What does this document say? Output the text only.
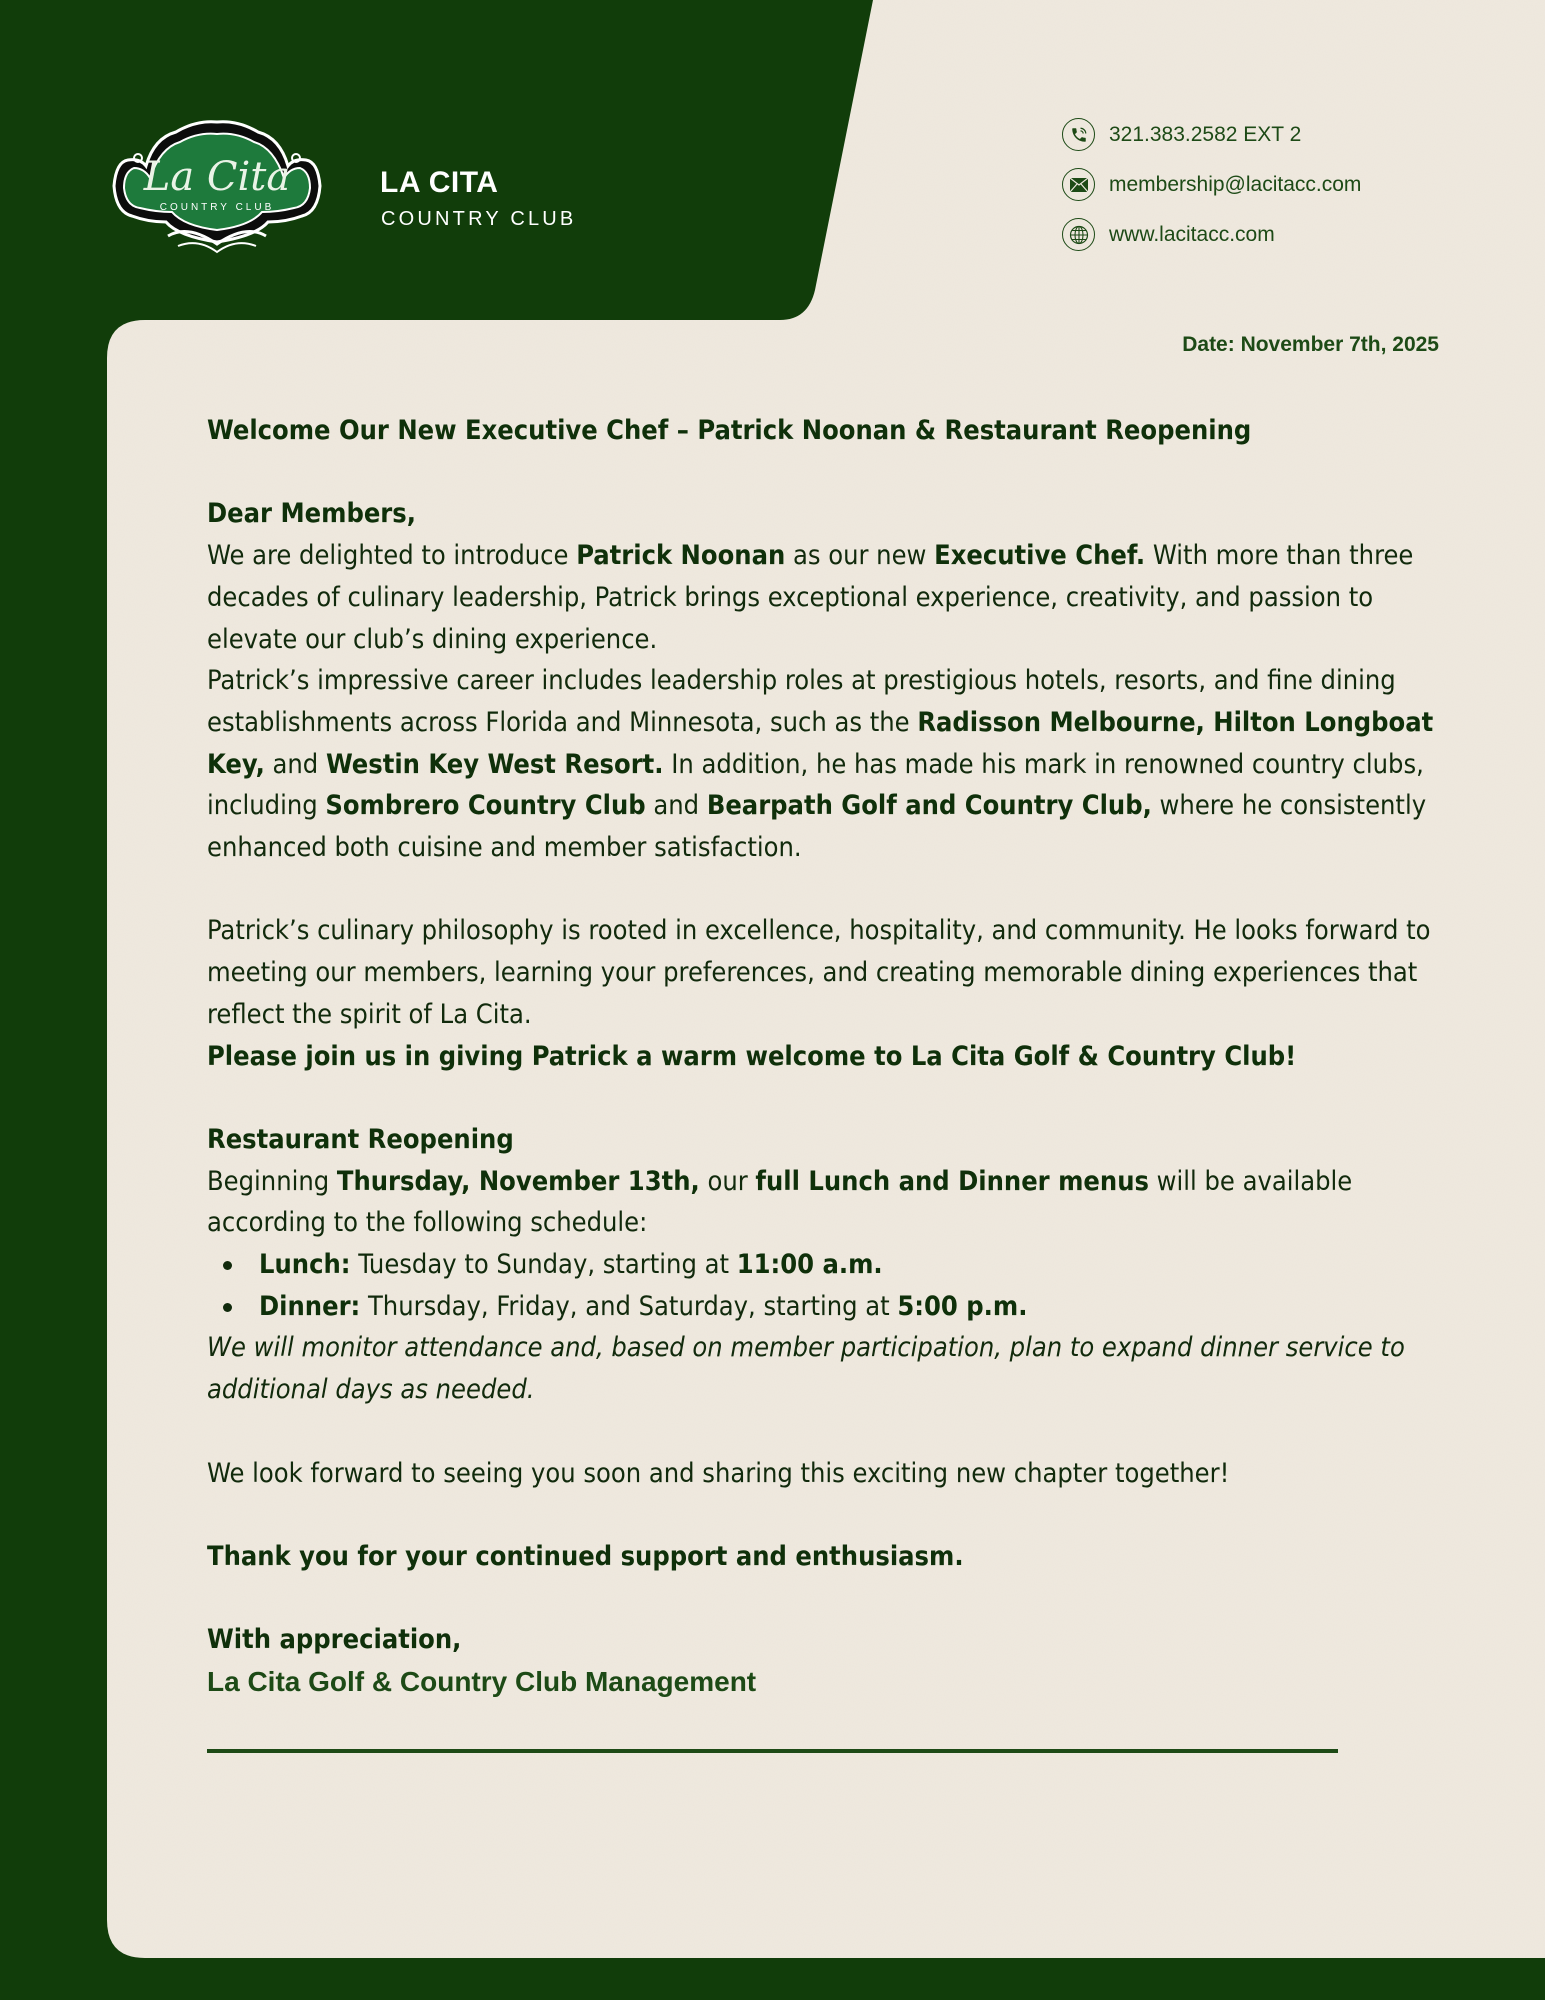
La Cita
COUNTRY CLUB
LA CITA
COUNTRY CLUB
321.383.2582 EXT 2
membership@lacitacc.com
www.lacitacc.com
Date: November 7th, 2025

Welcome Our New Executive Chef – Patrick Noonan & Restaurant Reopening

Dear Members,

We are delighted to introduce Patrick Noonan as our new Executive Chef. With more than three decades of culinary leadership, Patrick brings exceptional experience, creativity, and passion to elevate our club’s dining experience.

Patrick’s impressive career includes leadership roles at prestigious hotels, resorts, and fine dining establishments across Florida and Minnesota, such as the Radisson Melbourne, Hilton Longboat Key, and Westin Key West Resort. In addition, he has made his mark in renowned country clubs, including Sombrero Country Club and Bearpath Golf and Country Club, where he consistently enhanced both cuisine and member satisfaction.

Patrick’s culinary philosophy is rooted in excellence, hospitality, and community. He looks forward to meeting our members, learning your preferences, and creating memorable dining experiences that reflect the spirit of La Cita.

Please join us in giving Patrick a warm welcome to La Cita Golf & Country Club!

Restaurant Reopening

Beginning Thursday, November 13th, our full Lunch and Dinner menus will be available according to the following schedule:

Lunch: Tuesday to Sunday, starting at 11:00 a.m.
Dinner: Thursday, Friday, and Saturday, starting at 5:00 p.m.

We will monitor attendance and, based on member participation, plan to expand dinner service to additional days as needed.

We look forward to seeing you soon and sharing this exciting new chapter together!

Thank you for your continued support and enthusiasm.

With appreciation,

La Cita Golf & Country Club Management
